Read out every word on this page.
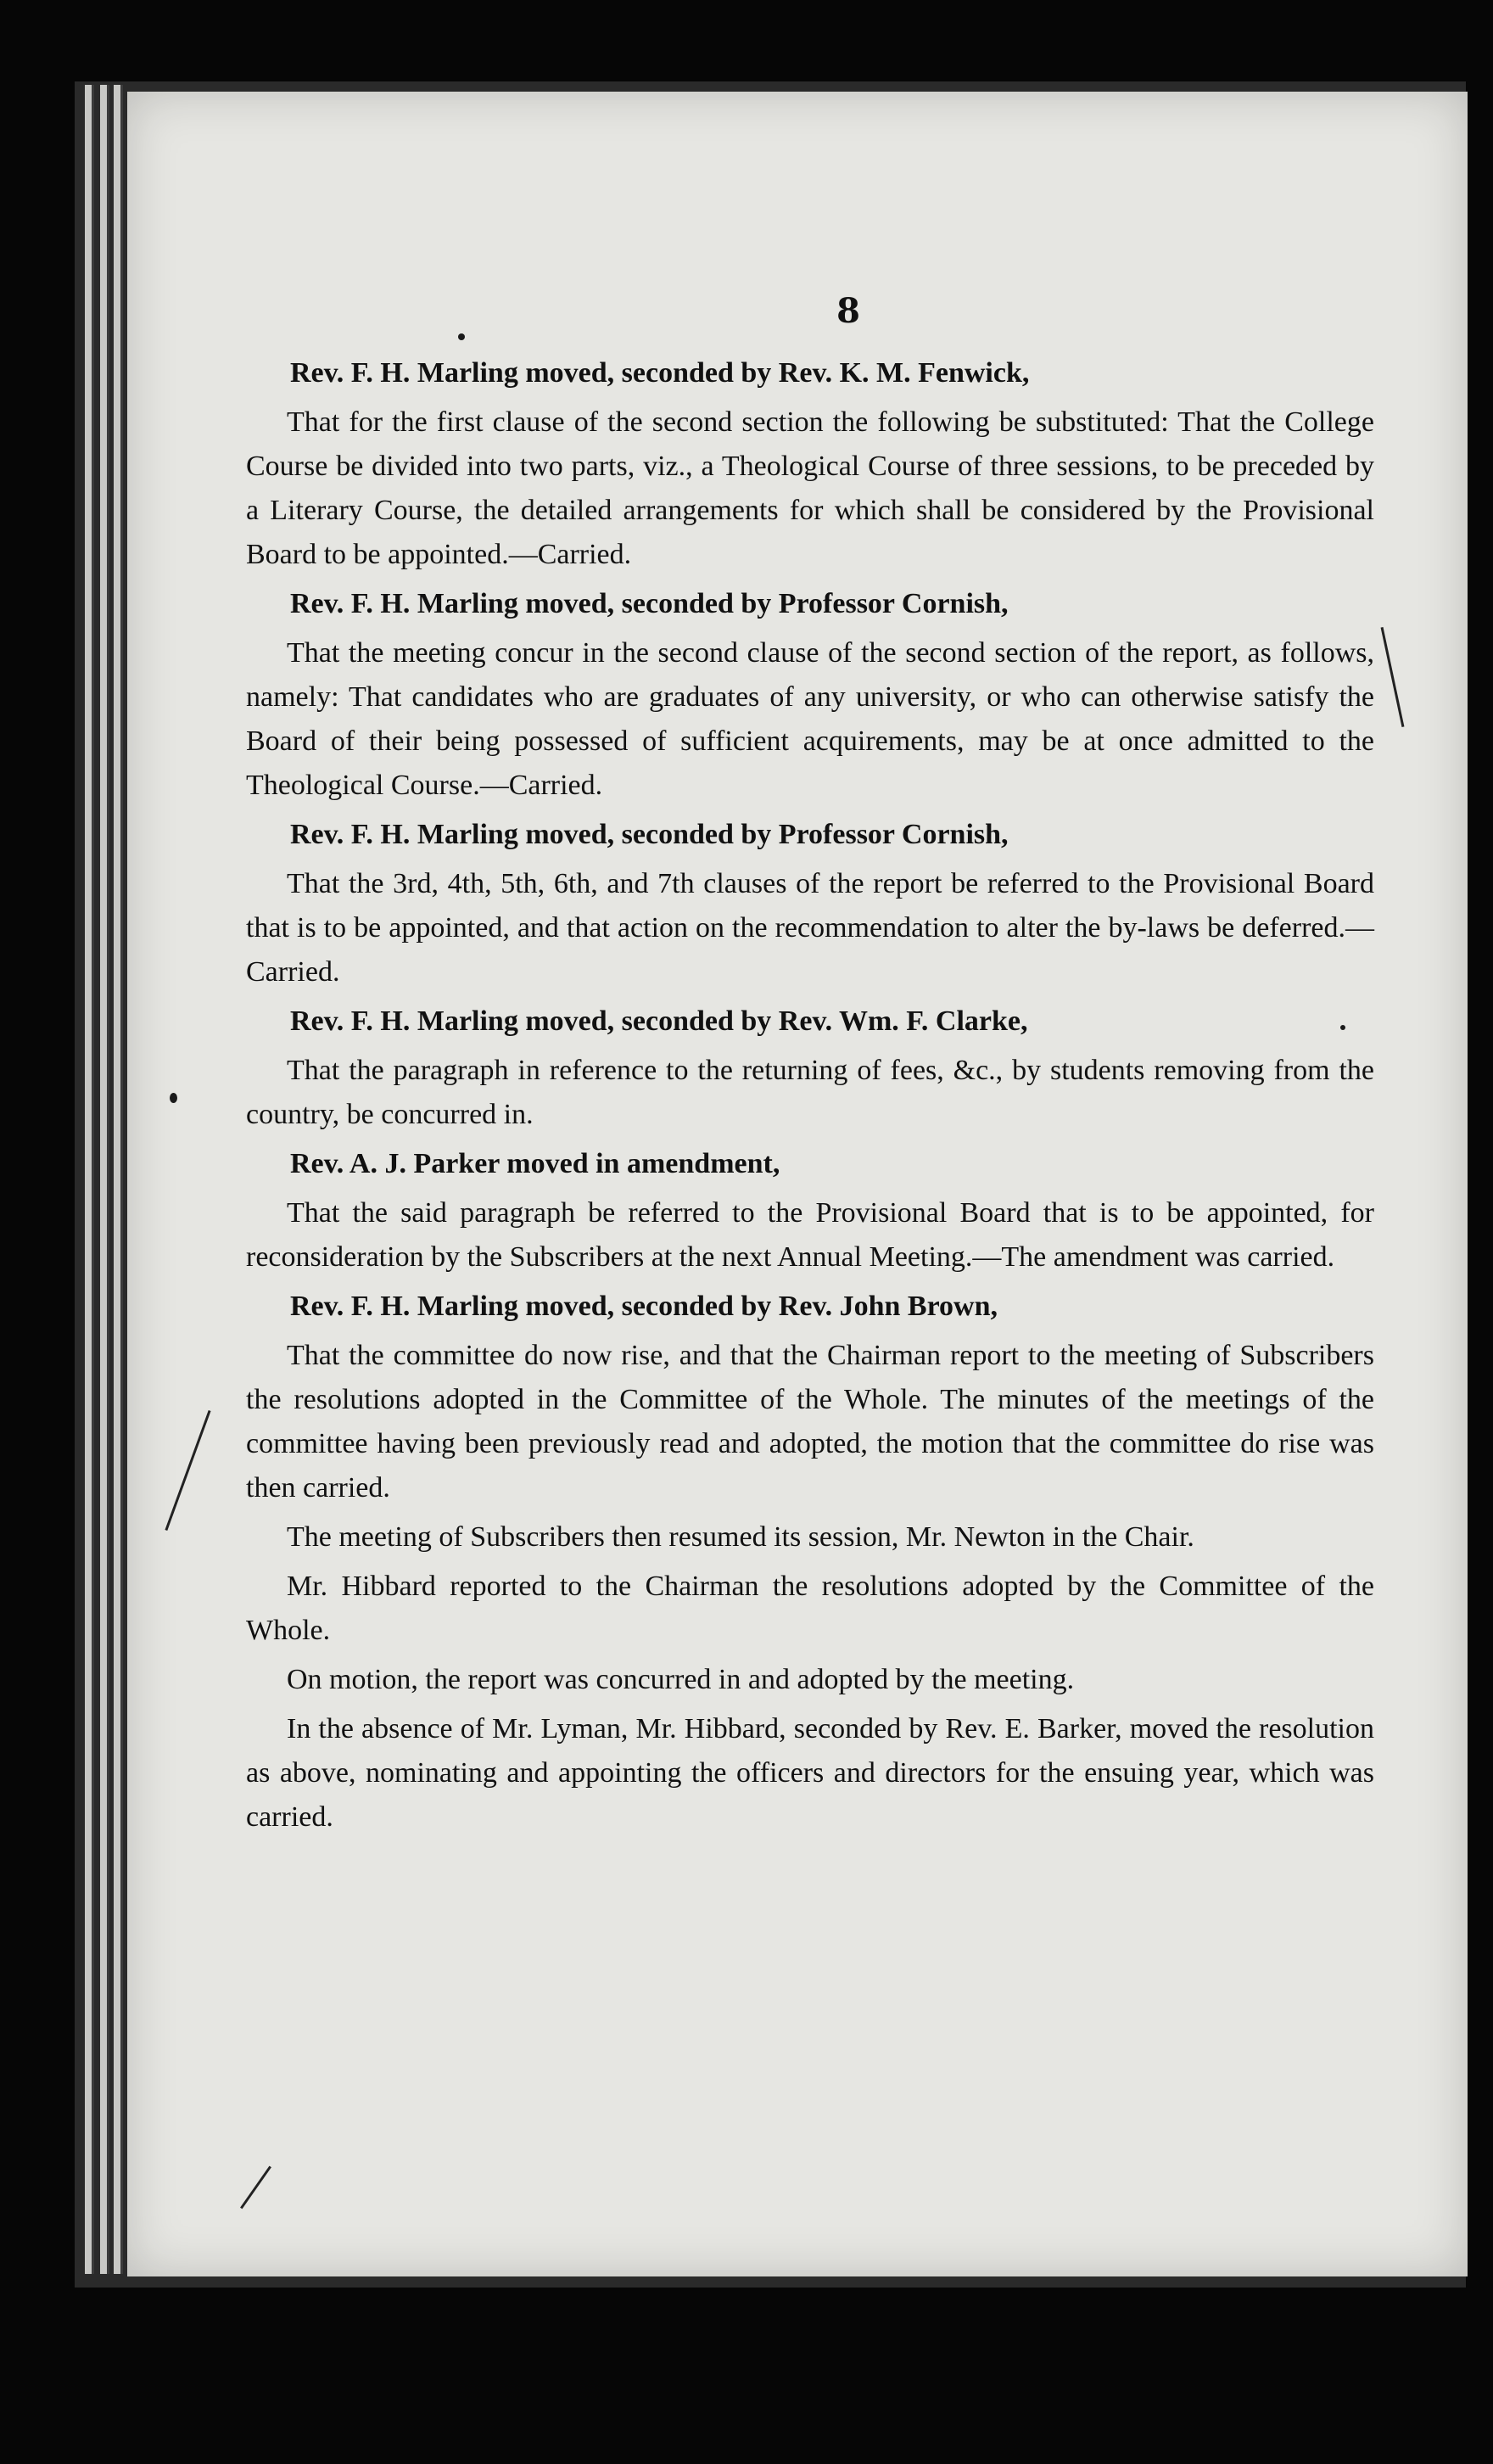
8

Rev. F. H. Marling moved, seconded by Rev. K. M. Fenwick,

That for the first clause of the second section the following be substituted: That the College Course be divided into two parts, viz., a Theological Course of three sessions, to be preceded by a Literary Course, the detailed arrangements for which shall be considered by the Provisional Board to be appointed.—Carried.

Rev. F. H. Marling moved, seconded by Professor Cornish,

That the meeting concur in the second clause of the second section of the report, as follows, namely: That candidates who are graduates of any university, or who can otherwise satisfy the Board of their being possessed of sufficient acquirements, may be at once admitted to the Theological Course.—Carried.

Rev. F. H. Marling moved, seconded by Professor Cornish,

That the 3rd, 4th, 5th, 6th, and 7th clauses of the report be referred to the Provisional Board that is to be appointed, and that action on the recommendation to alter the by-laws be deferred.—Carried.

Rev. F. H. Marling moved, seconded by Rev. Wm. F. Clarke,

That the paragraph in reference to the returning of fees, &c., by students removing from the country, be concurred in.

Rev. A. J. Parker moved in amendment,

That the said paragraph be referred to the Provisional Board that is to be appointed, for reconsideration by the Subscribers at the next Annual Meeting.—The amendment was carried.

Rev. F. H. Marling moved, seconded by Rev. John Brown,

That the committee do now rise, and that the Chairman report to the meeting of Subscribers the resolutions adopted in the Committee of the Whole. The minutes of the meetings of the committee having been previously read and adopted, the motion that the committee do rise was then carried.

The meeting of Subscribers then resumed its session, Mr. Newton in the Chair.

Mr. Hibbard reported to the Chairman the resolutions adopted by the Committee of the Whole.

On motion, the report was concurred in and adopted by the meeting.

In the absence of Mr. Lyman, Mr. Hibbard, seconded by Rev. E. Barker, moved the resolution as above, nominating and appointing the officers and directors for the ensuing year, which was carried.
